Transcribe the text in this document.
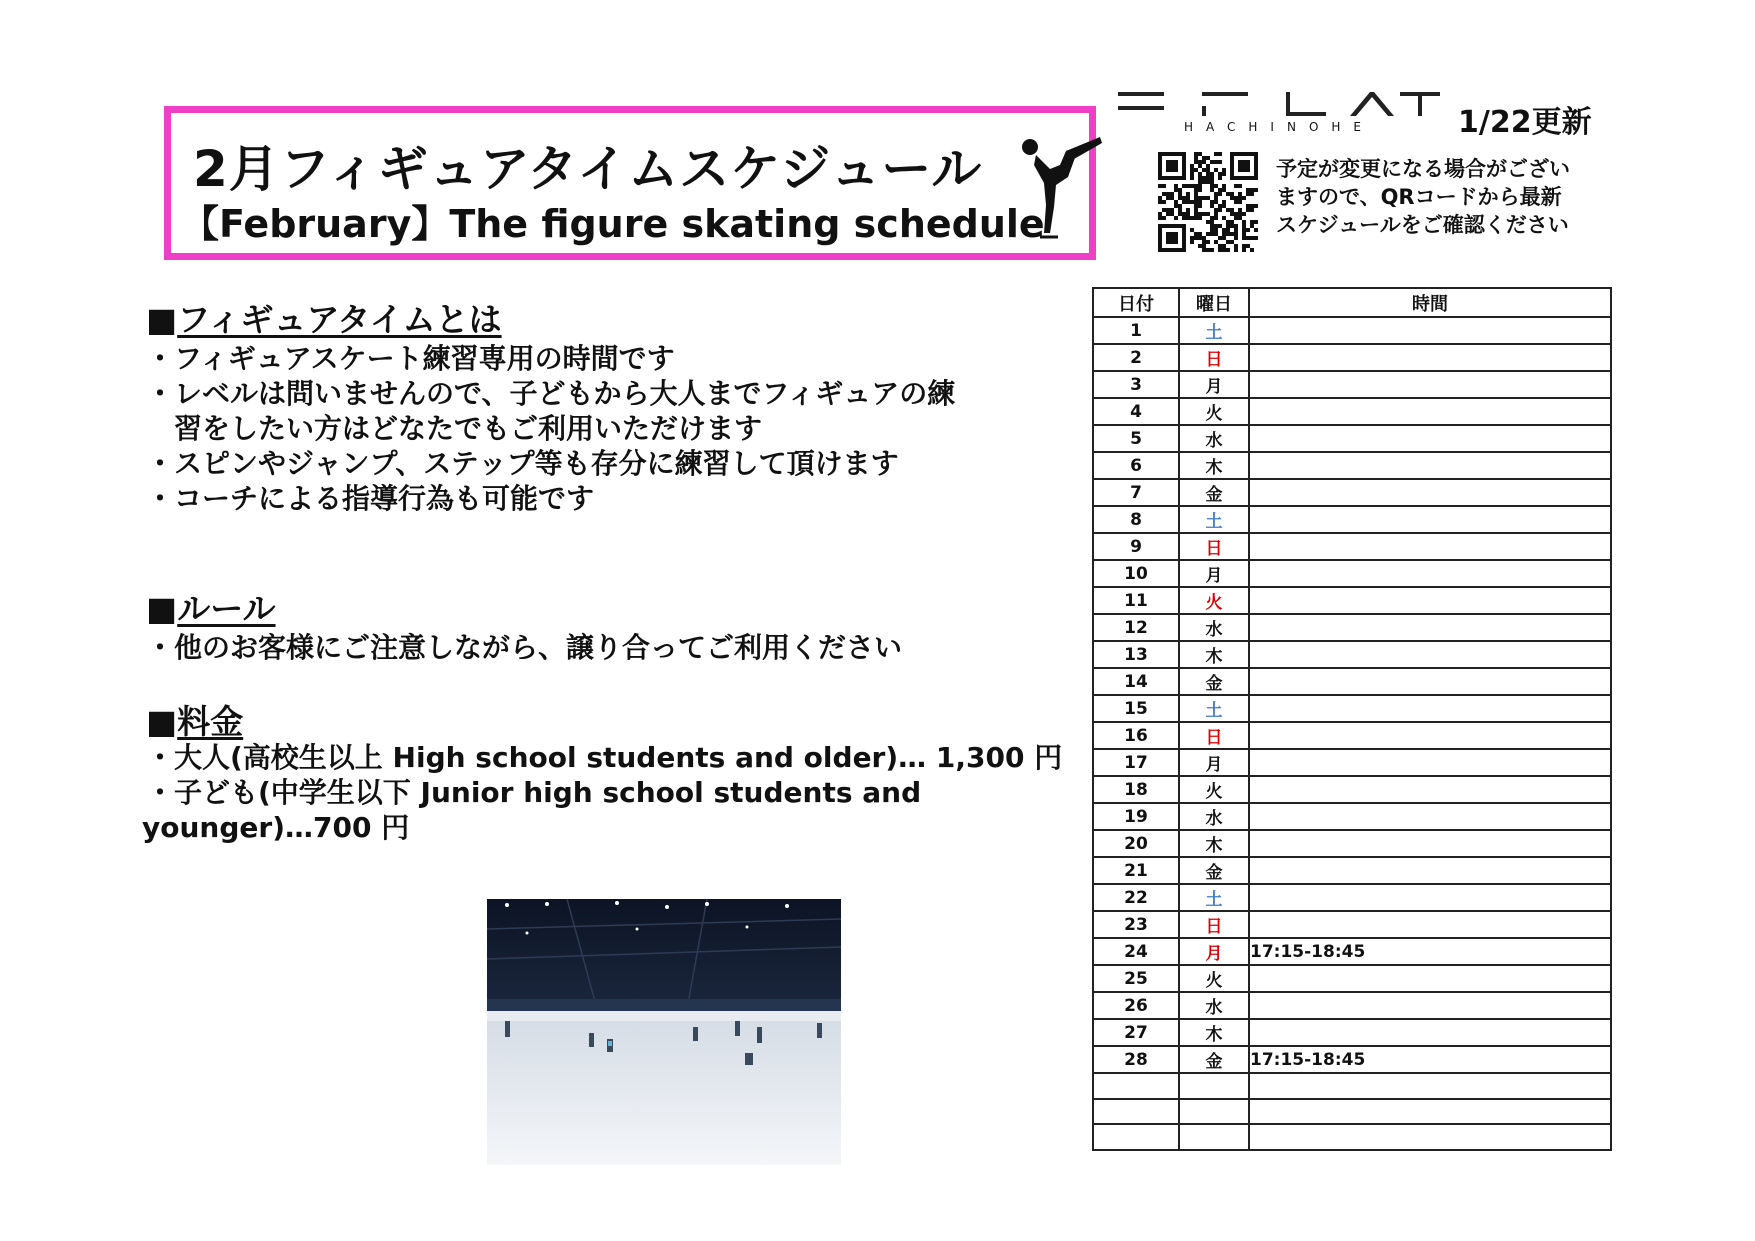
2月フィギュアタイムスケジュール
【February】The figure skating schedule
HACHINOHE	1/22更新
予定が変更になる場合がござい
ますので、QRコードから最新
スケジュールをご確認ください
■フィギュアタイムとは
・フィギュアスケート練習専用の時間です
・レベルは問いませんので、子どもから大人までフィギュアの練
　習をしたい方はどなたでもご利用いただけます
・スピンやジャンプ、ステップ等も存分に練習して頂けます
・コーチによる指導行為も可能です
■ルール
・他のお客様にご注意しながら、譲り合ってご利用ください
■料金
・大人(高校生以上 High school students and older)… 1,300 円
・子ども(中学生以下 Junior high school students and
younger)…700 円
日付	曜日	時間
1	土	
2	日	
3	月	
4	火	
5	水	
6	木	
7	金	
8	土	
9	日	
10	月	
11	火	
12	水	
13	木	
14	金	
15	土	
16	日	
17	月	
18	火	
19	水	
20	木	
21	金	
22	土	
23	日	
24	月	17:15-18:45
25	火	
26	水	
27	木	
28	金	17:15-18:45
